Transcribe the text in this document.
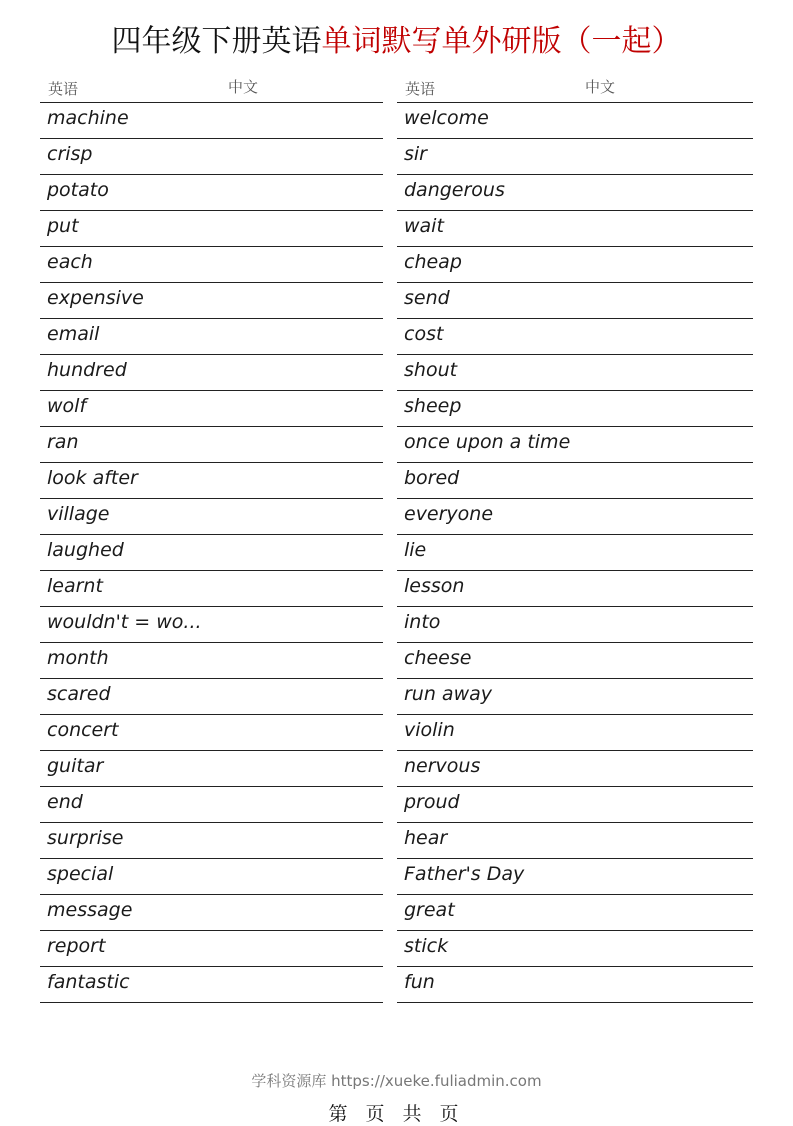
四年级下册英语单词默写单外研版（一起）
英语	中文
machine
crisp
potato
put
each
expensive
email
hundred
wolf
ran
look after
village
laughed
learnt
wouldn't = wo...
month
scared
concert
guitar
end
surprise
special
message
report
fantastic
英语	中文
welcome
sir
dangerous
wait
cheap
send
cost
shout
sheep
once upon a time
bored
everyone
lie
lesson
into
cheese
run away
violin
nervous
proud
hear
Father's Day
great
stick
fun
学科资源库 https://xueke.fuliadmin.com
第 页 共 页
